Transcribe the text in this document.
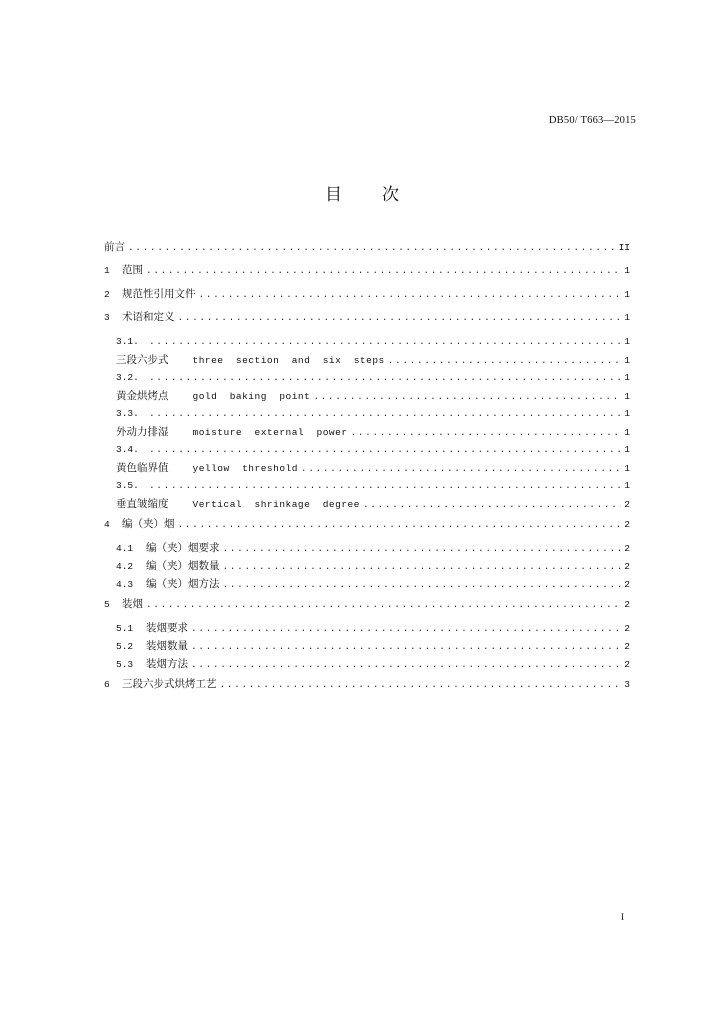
DB50/ T663—2015
目次
前言 .....	II
1	范围 .....	1
2	规范性引用文件 .....	1
3	术语和定义 .....	1
3.1. .....	1
三段六步式	three  section  and  six  steps .....	1
3.2. .....	1
黄金烘烤点	gold  baking  point .....	1
3.3. .....	1
外动力排湿	moisture  external  power .....	1
3.4. .....	1
黄色临界值	yellow  threshold .....	1
3.5. .....	1
垂直皱缩度	Vertical  shrinkage  degree .....	2
4	编（夹）烟 .....	2
4.1	编（夹）烟要求 .....	2
4.2	编（夹）烟数量 .....	2
4.3	编（夹）烟方法 .....	2
5	装烟 .....	2
5.1	装烟要求 .....	2
5.2	装烟数量 .....	2
5.3	装烟方法 .....	2
6	三段六步式烘烤工艺 .....	3
I
